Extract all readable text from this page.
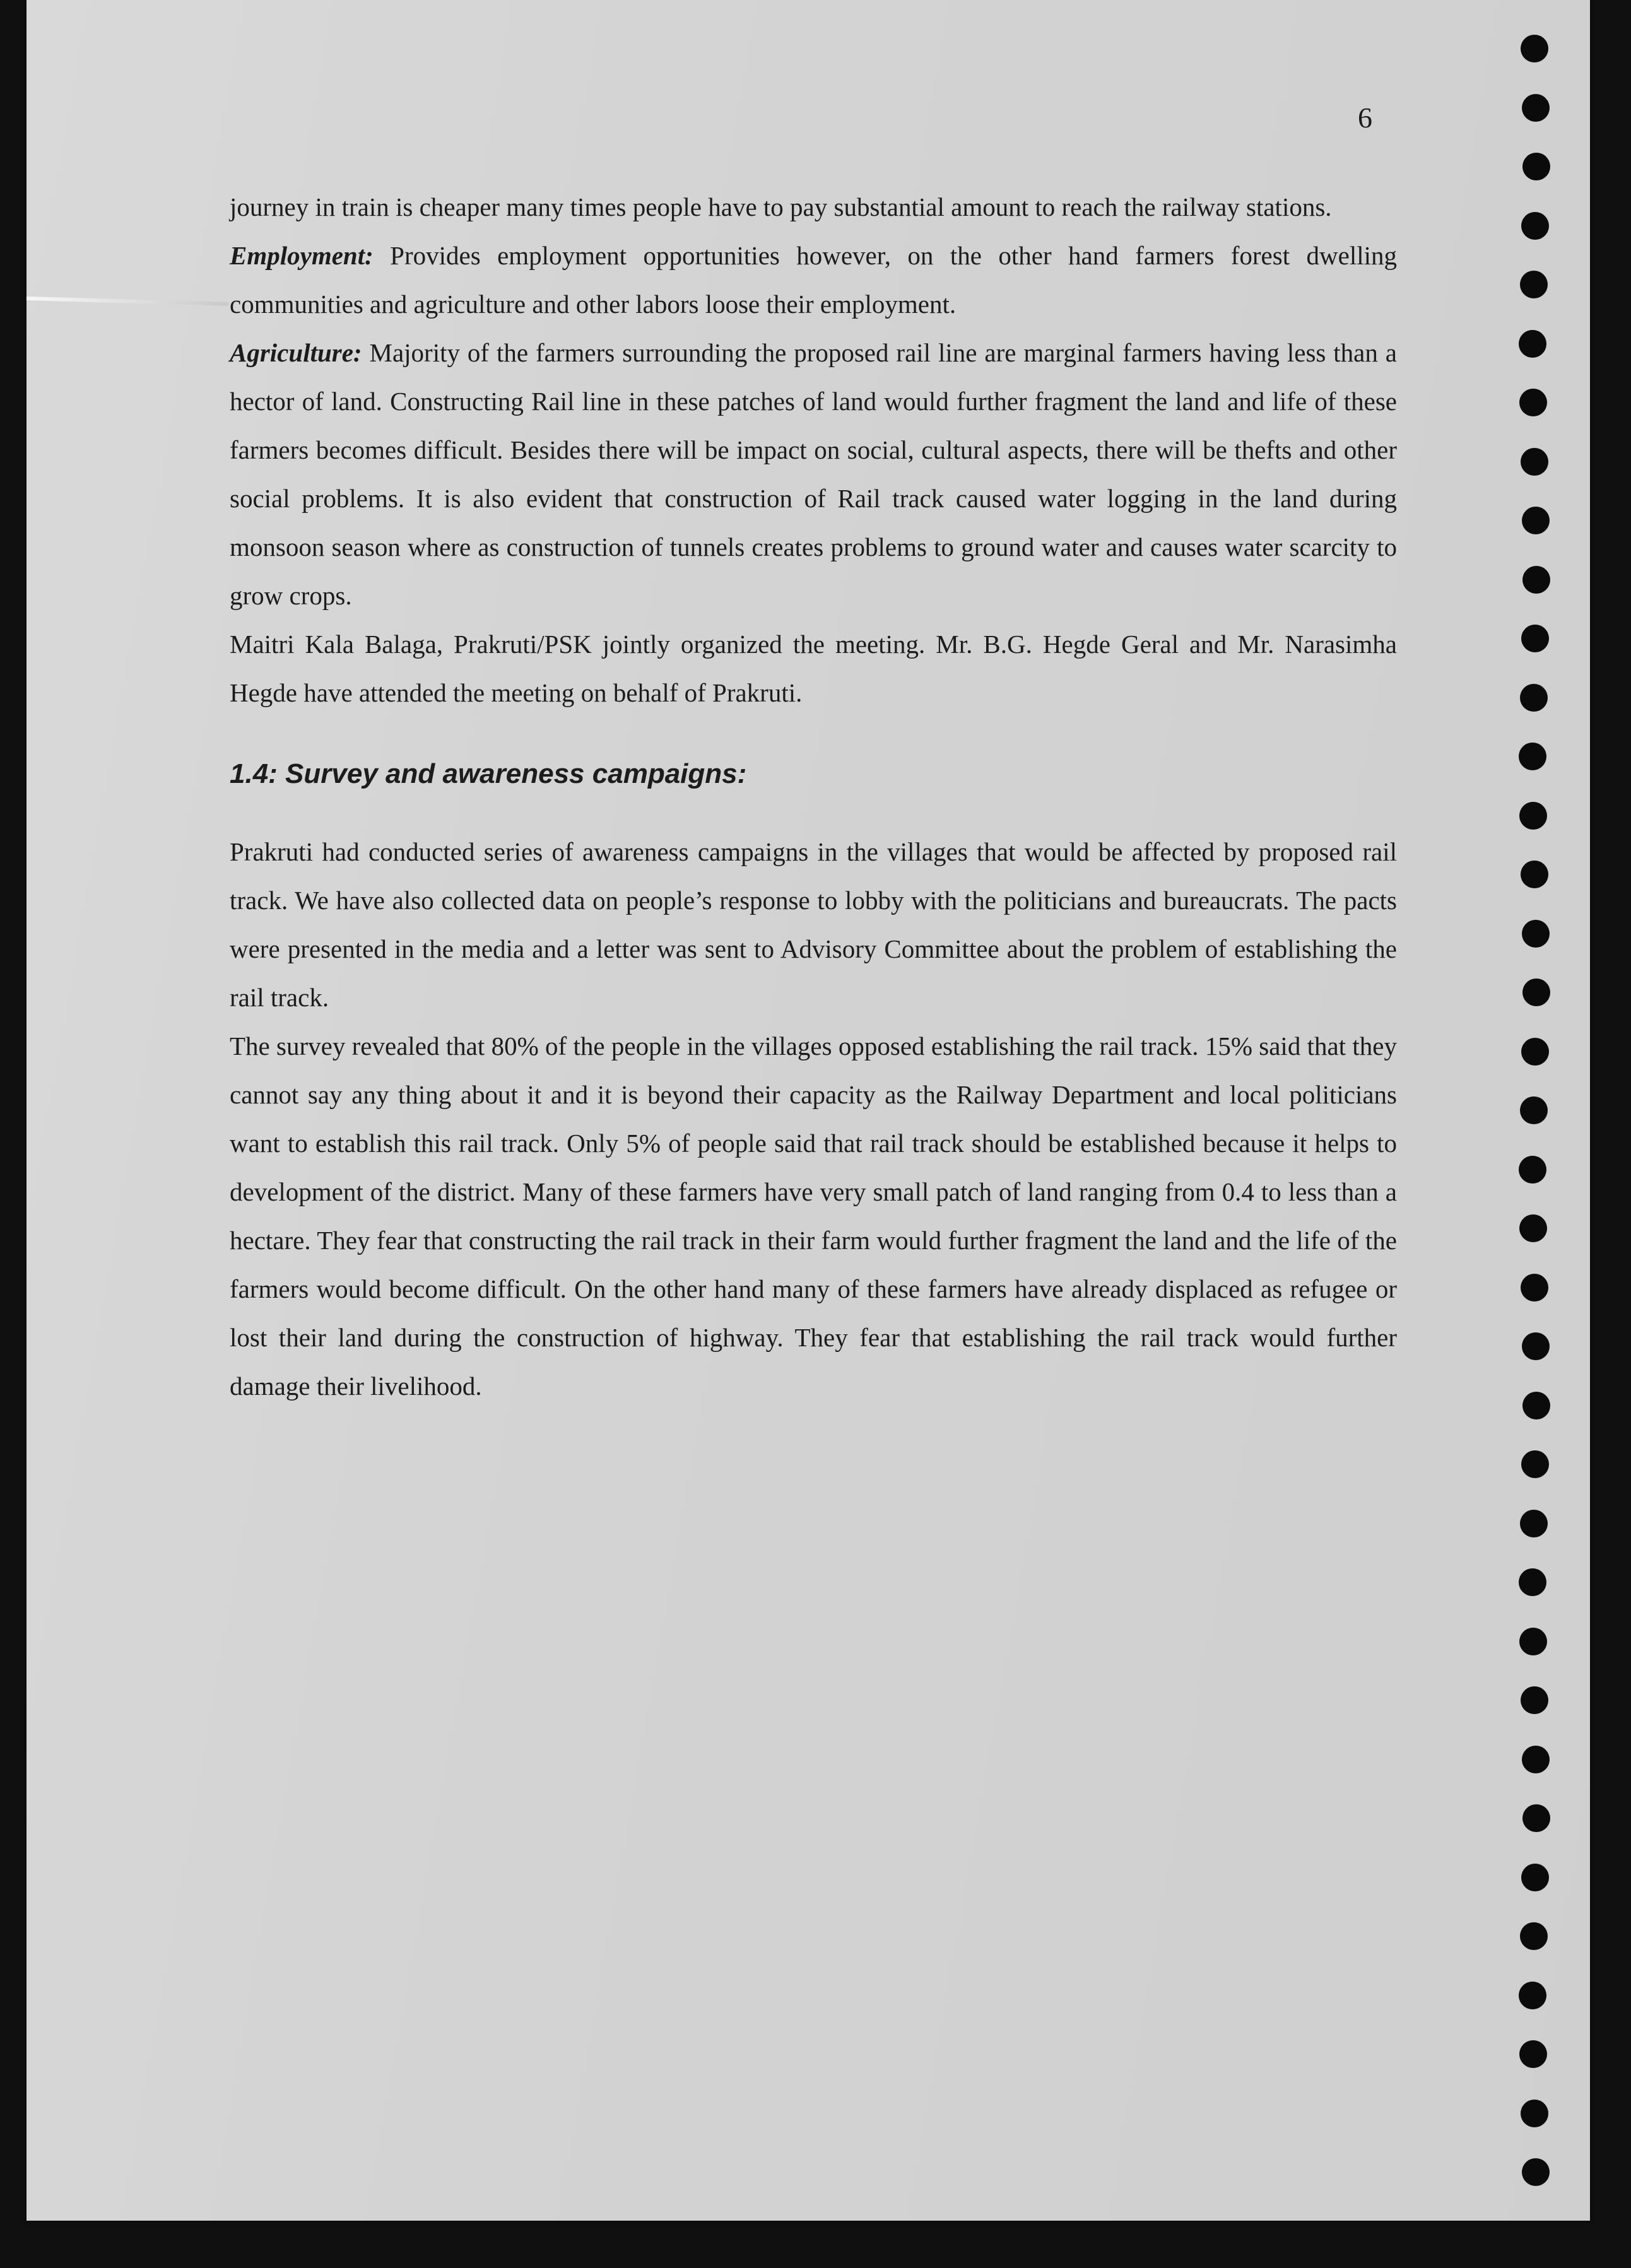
6

journey in train is cheaper many times people have to pay substantial amount to reach the railway stations.

Employment: Provides employment opportunities however, on the other hand farmers forest dwelling communities and agriculture and other labors loose their employment.

Agriculture: Majority of the farmers surrounding the proposed rail line are marginal farmers having less than a hector of land. Constructing Rail line in these patches of land would further fragment the land and life of these farmers becomes difficult. Besides there will be impact on social, cultural aspects, there will be thefts and other social problems. It is also evident that construction of Rail track caused water logging in the land during monsoon season where as construction of tunnels creates problems to ground water and causes water scarcity to grow crops.

Maitri Kala Balaga, Prakruti/PSK jointly organized the meeting. Mr. B.G. Hegde Geral and Mr. Narasimha Hegde have attended the meeting on behalf of Prakruti.

1.4: Survey and awareness campaigns:

Prakruti had conducted series of awareness campaigns in the villages that would be affected by proposed rail track. We have also collected data on people’s response to lobby with the politicians and bureaucrats. The pacts were presented in the media and a letter was sent to Advisory Committee about the problem of establishing the rail track.

The survey revealed that 80% of the people in the villages opposed establishing the rail track. 15% said that they cannot say any thing about it and it is beyond their capacity as the Railway Department and local politicians want to establish this rail track. Only 5% of people said that rail track should be established because it helps to development of the district. Many of these farmers have very small patch of land ranging from 0.4 to less than a hectare. They fear that constructing the rail track in their farm would further fragment the land and the life of the farmers would become difficult. On the other hand many of these farmers have already displaced as refugee or lost their land during the construction of highway. They fear that establishing the rail track would further damage their livelihood.
